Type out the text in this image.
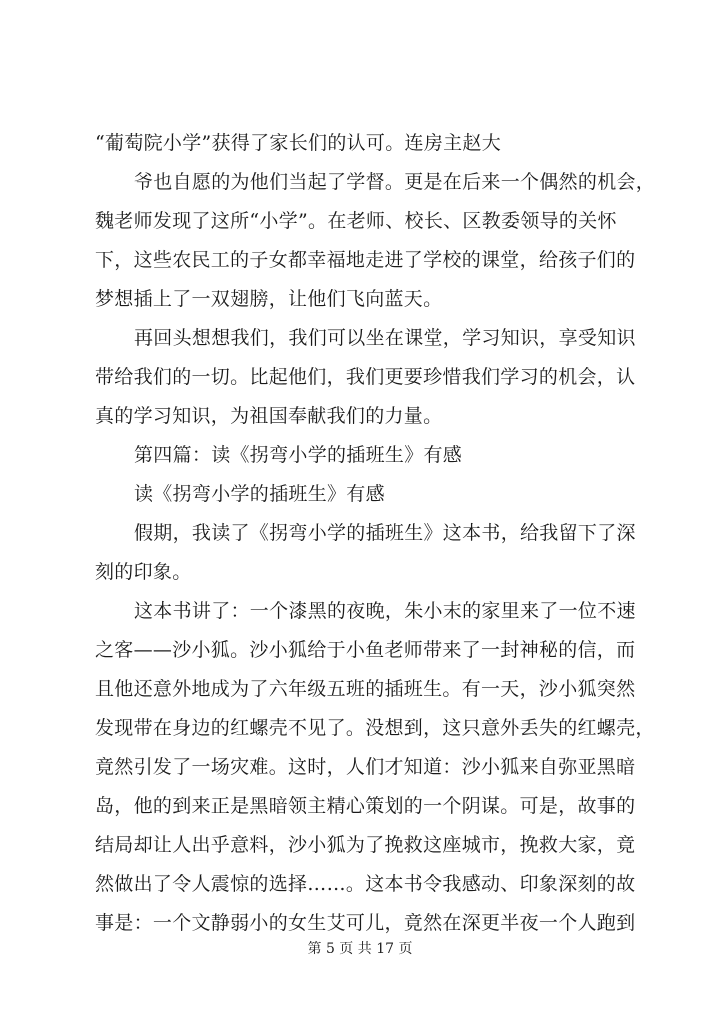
“葡萄院小学”获得了家长们的认可。连房主赵大
爷也自愿的为他们当起了学督。更是在后来一个偶然的机会，
魏老师发现了这所“小学”。在老师、校长、区教委领导的关怀
下，这些农民工的子女都幸福地走进了学校的课堂，给孩子们的
梦想插上了一双翅膀，让他们飞向蓝天。
再回头想想我们，我们可以坐在课堂，学习知识，享受知识
带给我们的一切。比起他们，我们更要珍惜我们学习的机会，认
真的学习知识，为祖国奉献我们的力量。
第四篇：读《拐弯小学的插班生》有感
读《拐弯小学的插班生》有感
假期，我读了《拐弯小学的插班生》这本书，给我留下了深
刻的印象。
这本书讲了：一个漆黑的夜晚，朱小末的家里来了一位不速
之客——沙小狐。沙小狐给于小鱼老师带来了一封神秘的信，而
且他还意外地成为了六年级五班的插班生。有一天，沙小狐突然
发现带在身边的红螺壳不见了。没想到，这只意外丢失的红螺壳，
竟然引发了一场灾难。这时，人们才知道：沙小狐来自弥亚黑暗
岛，他的到来正是黑暗领主精心策划的一个阴谋。可是，故事的
结局却让人出乎意料，沙小狐为了挽救这座城市，挽救大家，竟
然做出了令人震惊的选择……。这本书令我感动、印象深刻的故
事是：一个文静弱小的女生艾可儿，竟然在深更半夜一个人跑到
第 5 页 共 17 页
